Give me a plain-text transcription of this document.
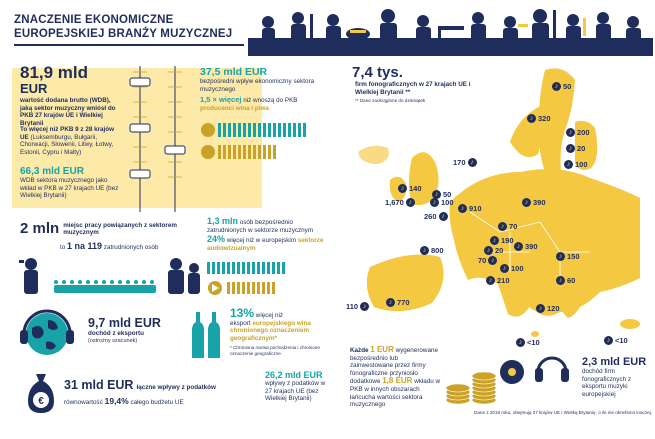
ZNACZENIE EKONOMICZNE
EUROPEJSKIEJ BRANŻY MUZYCZNEJ
81,9 mld
EUR
wartość dodana brutto (WDB), jaką sektor muzyczny wniósł do PKB 27 krajów UE i Wielkiej Brytanii
To więcej niż PKB 9 z 28 krajów UE (Luksemburgu, Bułgarii, Chorwacji, Słowenii, Litwy, Łotwy, Estonii, Cypru i Malty)
66,3 mld EUR
WDB sektora muzycznego jako wkład w PKB w 27 krajach UE (bez Wielkiej Brytanii)
37,5 mld EUR
bezpośredni wpływ ekonomiczny sektora muzycznego
1,5 × więcej niż wnoszą do PKB producenci wina i piwa
2 mln miejsc pracy powiązanych z sektorem muzycznym
to 1 na 119 zatrudnionych osób
1,3 mln osób bezpośrednio zatrudnionych w sektorze muzycznym
24% więcej niż w europejskim sektorze audiowizualnym
9,7 mld EUR
dochód z eksportu
(ostrożny szacunek)
13% więcej niż
eksport europejskiego wina chronionego oznaczeniem geograficznym*
* Chroniona nazwa pochodzenia i chronione oznaczenie geograficzne
€
31 mld EUR łączne wpływy z podatków
równowartość 19,4% całego budżetu UE
26,2 mld EUR
wpływy z podatków w 27 krajach UE (bez Wielkiej Brytanii)
7,4 tys.
firm fonograficznych w 27 krajach UE i Wielkiej Brytanii **
** Dane zaokrąglone do dziesiątek
♪ 50
♪ 320
♪ 200
♪ 20
♪ 100
170 ♪
♪ 140
1,670 ♪
♪ 50
♪ 100
♪ 910
♪ 390
260 ♪
♪ 70
♪ 190
♪ 20	♪ 390
♪ 800
70 ♪
♪ 150
♪ 100
♪ 210	♪ 60
♪ 770
110 ♪	♪ 120
♪ <10	♪ <10
Każde 1 EUR wygenerowane bezpośrednio lub zainwestowane przez firmy fonograficzne przyniosło dodatkowe 1,8 EUR wkładu w PKB w innych obszarach łańcucha wartości sektora muzycznego
2,3 mld EUR
dochód firm fonograficznych z eksportu muzyki europejskiej
Dane z 2018 roku, obejmują 27 krajów UE i Wielką Brytanię, o ile nie określono inaczej.
